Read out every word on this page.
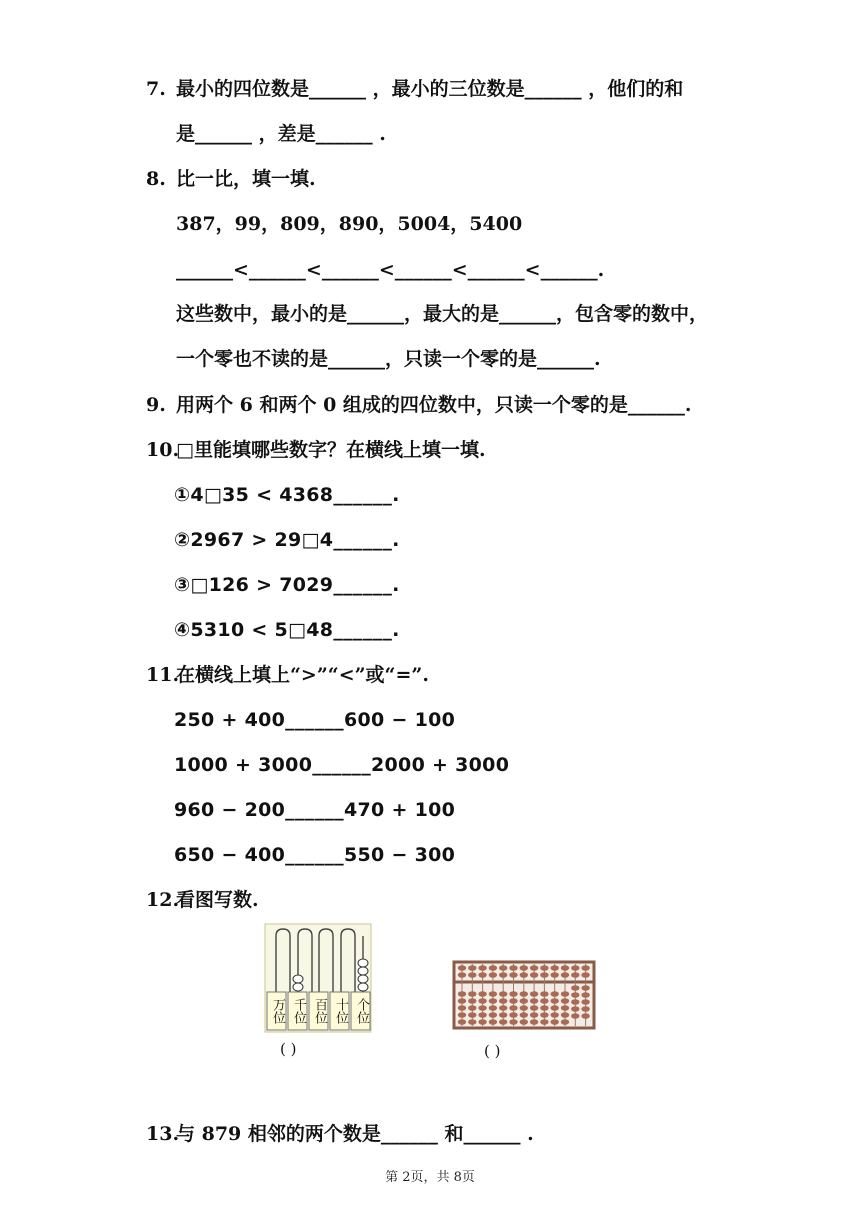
7. 最小的四位数是______ ，最小的三位数是______ ，他们的和
是______ ，差是______ .
8. 比一比，填一填.
387，99，809，890，5004，5400
______<______<______<______<______<______.
这些数中，最小的是______，最大的是______，包含零的数中，
一个零也不读的是______，只读一个零的是______.
9. 用两个 6 和两个 0 组成的四位数中，只读一个零的是______.
10.
□里能填哪些数字？在横线上填一填.
①4□35 < 4368______.
②2967 > 29□4______.
③□126 > 7029______.
④5310 < 5□48______.
11.
在横线上填上“>”“<”或“=”.
250 + 400______600 − 100
1000 + 3000______2000 + 3000
960 − 200______470 + 100
650 − 400______550 − 300
12.
看图写数.
万位 千位 百位 十位 个位
( )	( )
13.
与 879 相邻的两个数是______ 和______ .
第 2页，共 8页
